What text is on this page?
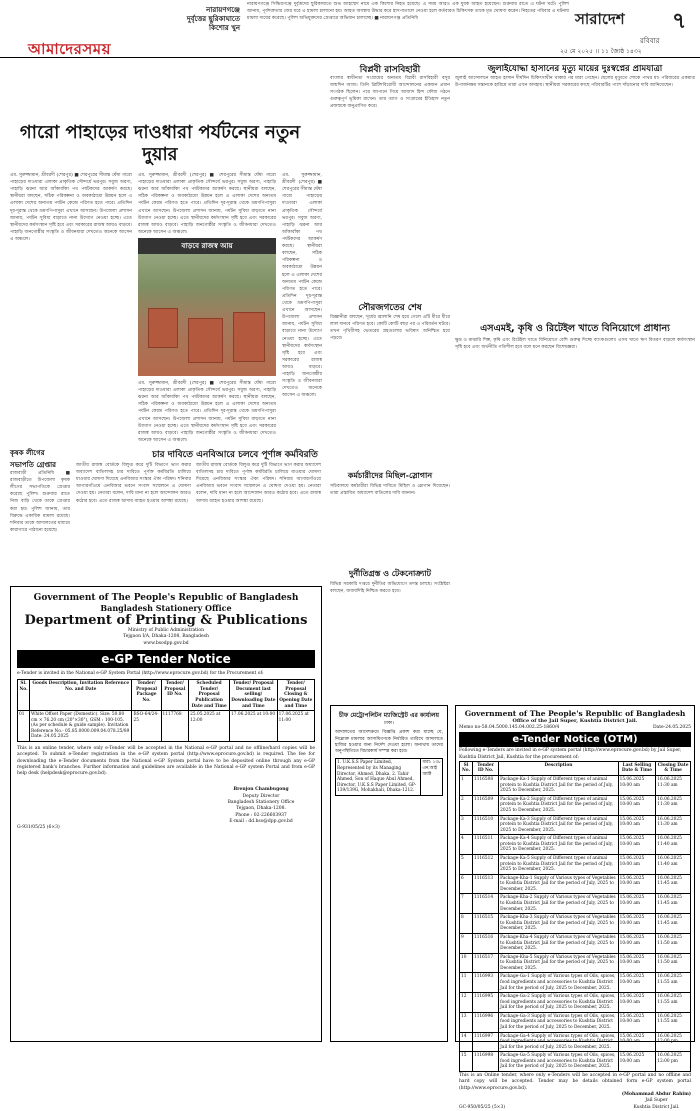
আমাদেরসময়
নারায়ণগঞ্জে দুর্বৃত্তের ছুরিকাঘাতে কিশোর খুন
নারায়ণগঞ্জে সিদ্ধিরগঞ্জে দুর্বৃত্তদের ছুরিকাঘাতে শুভ আহম্মেদ নামে এক কিশোর নিহত হয়েছে। এ সময় আরও এক যুবক আহত হয়েছেন। শুক্রবার রাতে এ ঘটনা ঘটে। পুলিশ জানায়, পূর্বশত্রুতার জের ধরে এ হামলা চালানো হয়। আহত অবস্থায় উদ্ধার করে হাসপাতালে নেওয়া হলে কর্তব্যরত চিকিৎসক তাকে মৃত ঘোষণা করেন। নিহতের পরিবার এ ঘটনায় মামলা দায়ের করেছে। পুলিশ অভিযুক্তদের গ্রেপ্তারে অভিযান চালাচ্ছে। ■ নারায়ণগঞ্জ প্রতিনিধি	সারাদেশ ৭
রবিবার
২৫ মে ২০২৫ ।। ১১ জ্যৈষ্ঠ ১৪৩২
গারো পাহাড়ের দাওধারা পর্যটনের নতুন দুয়ার
এম. সুরুজ্জামান, শ্রীবরদী (শেরপুর) ■ শেরপুরের সীমান্ত ঘেঁষা গারো পাহাড়ের দাওধারা এলাকা প্রাকৃতিক সৌন্দর্যে ভরপুর। সবুজ অরণ্য, পাহাড়ি ঝরনা আর আঁকাবাঁকা পথ পর্যটকদের আকর্ষণ করছে। স্থানীয়রা বলছেন, সঠিক পরিকল্পনা ও অবকাঠামো উন্নয়ন হলে এ এলাকা দেশের অন্যতম পর্যটন কেন্দ্রে পরিণত হতে পারে। প্রতিদিন দূর-দূরান্ত থেকে ভ্রমণপিপাসুরা এখানে আসছেন। উপজেলা প্রশাসন জানায়, পর্যটন সুবিধা বাড়াতে নানা উদ্যোগ নেওয়া হচ্ছে। এতে স্থানীয়দের কর্মসংস্থান সৃষ্টি হবে এবং সরকারের রাজস্ব আয়ও বাড়বে। পাহাড়ি জনগোষ্ঠীর সংস্কৃতি ও জীবনধারা দেখতেও অনেকে আসেন এ অঞ্চলে।
এম. সুরুজ্জামান, শ্রীবরদী (শেরপুর) ■ শেরপুরের সীমান্ত ঘেঁষা গারো পাহাড়ের দাওধারা এলাকা প্রাকৃতিক সৌন্দর্যে ভরপুর। সবুজ অরণ্য, পাহাড়ি ঝরনা আর আঁকাবাঁকা পথ পর্যটকদের আকর্ষণ করছে। স্থানীয়রা বলছেন, সঠিক পরিকল্পনা ও অবকাঠামো উন্নয়ন হলে এ এলাকা দেশের অন্যতম পর্যটন কেন্দ্রে পরিণত হতে পারে। প্রতিদিন দূর-দূরান্ত থেকে ভ্রমণপিপাসুরা এখানে আসছেন। উপজেলা প্রশাসন জানায়, পর্যটন সুবিধা বাড়াতে নানা উদ্যোগ নেওয়া হচ্ছে। এতে স্থানীয়দের কর্মসংস্থান সৃষ্টি হবে এবং সরকারের রাজস্ব আয়ও বাড়বে। পাহাড়ি জনগোষ্ঠীর সংস্কৃতি ও জীবনধারা দেখতেও অনেকে আসেন এ অঞ্চলে।
বাড়বে রাজস্ব আয়
এম. সুরুজ্জামান, শ্রীবরদী (শেরপুর) ■ শেরপুরের সীমান্ত ঘেঁষা গারো পাহাড়ের দাওধারা এলাকা প্রাকৃতিক সৌন্দর্যে ভরপুর। সবুজ অরণ্য, পাহাড়ি ঝরনা আর আঁকাবাঁকা পথ পর্যটকদের আকর্ষণ করছে। স্থানীয়রা বলছেন, সঠিক পরিকল্পনা ও অবকাঠামো উন্নয়ন হলে এ এলাকা দেশের অন্যতম পর্যটন কেন্দ্রে পরিণত হতে পারে। প্রতিদিন দূর-দূরান্ত থেকে ভ্রমণপিপাসুরা এখানে আসছেন। উপজেলা প্রশাসন জানায়, পর্যটন সুবিধা বাড়াতে নানা উদ্যোগ নেওয়া হচ্ছে। এতে স্থানীয়দের কর্মসংস্থান সৃষ্টি হবে এবং সরকারের রাজস্ব আয়ও বাড়বে। পাহাড়ি জনগোষ্ঠীর সংস্কৃতি ও জীবনধারা দেখতেও অনেকে আসেন এ অঞ্চলে।
এম. সুরুজ্জামান, শ্রীবরদী (শেরপুর) ■ শেরপুরের সীমান্ত ঘেঁষা গারো পাহাড়ের দাওধারা এলাকা প্রাকৃতিক সৌন্দর্যে ভরপুর। সবুজ অরণ্য, পাহাড়ি ঝরনা আর আঁকাবাঁকা পথ পর্যটকদের আকর্ষণ করছে। স্থানীয়রা বলছেন, সঠিক পরিকল্পনা ও অবকাঠামো উন্নয়ন হলে এ এলাকা দেশের অন্যতম পর্যটন কেন্দ্রে পরিণত হতে পারে। প্রতিদিন দূর-দূরান্ত থেকে ভ্রমণপিপাসুরা এখানে আসছেন। উপজেলা প্রশাসন জানায়, পর্যটন সুবিধা বাড়াতে নানা উদ্যোগ নেওয়া হচ্ছে। এতে স্থানীয়দের কর্মসংস্থান সৃষ্টি হবে এবং সরকারের রাজস্ব আয়ও বাড়বে। পাহাড়ি জনগোষ্ঠীর সংস্কৃতি ও জীবনধারা দেখতেও অনেকে আসেন এ অঞ্চলে।
চার দাবিতে এনবিআরে চলবে পূর্ণাঙ্গ কর্মবিরতি
জাতীয় রাজস্ব বোর্ডকে বিলুপ্ত করে দুটি বিভাগে ভাগ করার অধ্যাদেশ বাতিলসহ চার দাবিতে পূর্ণাঙ্গ কর্মবিরতি চালিয়ে যাওয়ার ঘোষণা দিয়েছে এনবিআর সংস্কার ঐক্য পরিষদ। শনিবার আগারগাঁওয়ে এনবিআর ভবনে সংবাদ সম্মেলনে এ ঘোষণা দেওয়া হয়। নেতারা বলেন, দাবি মানা না হলে আন্দোলন আরও কঠোর হবে। এতে রাজস্ব আদায় ব্যাহত হওয়ার আশঙ্কা রয়েছে।
জাতীয় রাজস্ব বোর্ডকে বিলুপ্ত করে দুটি বিভাগে ভাগ করার অধ্যাদেশ বাতিলসহ চার দাবিতে পূর্ণাঙ্গ কর্মবিরতি চালিয়ে যাওয়ার ঘোষণা দিয়েছে এনবিআর সংস্কার ঐক্য পরিষদ। শনিবার আগারগাঁওয়ে এনবিআর ভবনে সংবাদ সম্মেলনে এ ঘোষণা দেওয়া হয়। নেতারা বলেন, দাবি মানা না হলে আন্দোলন আরও কঠোর হবে। এতে রাজস্ব আদায় ব্যাহত হওয়ার আশঙ্কা রয়েছে।
কৃষক লীগের সভাপতি গ্রেপ্তার
রাজবাড়ী প্রতিনিধি ■ রাজবাড়ীতে উপজেলা কৃষক লীগের সভাপতিকে গ্রেপ্তার করেছে পুলিশ। শুক্রবার রাতে নিজ বাড়ি থেকে তাকে গ্রেপ্তার করা হয়। পুলিশ জানায়, তার বিরুদ্ধে একাধিক মামলা রয়েছে। শনিবার তাকে আদালতের মাধ্যমে কারাগারে পাঠানো হয়েছে।
বিপ্লবী রাসবিহারী
বাংলার স্বাধীনতা সংগ্রামের অন্যতম বিপ্লবী রাসবিহারী বসুর জন্মদিন আজ। তিনি ব্রিটিশবিরোধী আন্দোলনের একজন প্রধান সংগঠক ছিলেন। পরে জাপানে গিয়ে আজাদ হিন্দ ফৌজ গঠনে গুরুত্বপূর্ণ ভূমিকা রাখেন। তার ত্যাগ ও সংগ্রামের ইতিহাস নতুন প্রজন্মকে অনুপ্রাণিত করে।
সৌরজগতের শেষ
বিজ্ঞানীরা বলছেন, সূর্যের জ্বালানি শেষ হয়ে গেলে এটি ধীরে ধীরে লাল দানবে পরিণত হবে। কোটি কোটি বছর পর এ পরিবর্তন ঘটবে। তখন পৃথিবীসহ ভেতরের গ্রহগুলোর ভবিষ্যৎ অনিশ্চিত হয়ে পড়বে।
কর্মচারীদের মিছিল-স্লোগান
সচিবালয়ে কর্মচারীরা বিভিন্ন দাবিতে মিছিল ও স্লোগান দিয়েছেন। তারা প্রস্তাবিত অধ্যাদেশ বাতিলের দাবি জানান।
দুর্নীতিগ্রস্ত ও টেকনোক্র্যাট
বিভিন্ন সরকারি দপ্তরে দুর্নীতির অভিযোগে তদন্ত চলছে। সংশ্লিষ্টরা বলছেন, জবাবদিহি নিশ্চিত করতে হবে।
জুলাইযোদ্ধা হাসানের মৃত্যু মায়ের দুঃস্বপ্নের প্রামযাত্রা
জুলাই আন্দোলনে আহত হাসান দীর্ঘদিন চিকিৎসাধীন থাকার পর মারা গেছেন। ছেলের মৃত্যুতে শোকে পাথর মা। পরিবারের একমাত্র উপার্জনক্ষম সন্তানকে হারিয়ে তারা এখন অসহায়। স্থানীয়রা সরকারের কাছে পরিবারটির পাশে দাঁড়ানোর দাবি জানিয়েছেন।
এসএমই, কৃষি ও রিটেইল খাতে বিনিয়োগে প্রাধান্য
ক্ষুদ্র ও মাঝারি শিল্প, কৃষি এবং রিটেইল খাতে বিনিয়োগে বেশি গুরুত্ব দিচ্ছে ব্যাংকগুলো। এসব খাতে ঋণ বিতরণ বাড়লে কর্মসংস্থান সৃষ্টি হবে এবং অর্থনীতি গতিশীল হবে বলে মনে করছেন বিশেষজ্ঞরা।
Government of The People's Republic of Bangladesh
Bangladesh Stationery Office
Department of Printing & Publications
Ministry of Public Administration
Tejgaon I/A, Dhaka-1208, Bangladesh
www.bsodpp.gov.bd
e-GP Tender Notice
e-Tender is invited in the National e-GP System Portal (http://www.eprocure.gov.bd) for the Procurement of:
Sl. No.	Goods Description, Invitation Reference No. and Date	Tender/ Proposal Package No.	Tender/ Proposal ID No.	Scheduled Tender/ Proposal Publication Date and Time	Tender/ Proposal Document last selling/ Downloading Date and Time	Tender/ Proposal Closing & Opening Date and Time
01	White Offset Paper (Domestic). Size: 50.80 cm × 76.20 cm (20"×30"), GSM : 100-105. (As per schedule & guide sample). Invitation Reference No.- 05.85.0000.009.04.078.25/89 Date: 24.05.2025	BSO-64/24-25	1117768	25.05.2025 at 12:00	17.06.2025 at 10:00	17.06.2025 at 11:00
This is an online tender, where only e-Tender will be accepted in the National e-GP portal and no offline/hard copies will be accepted. To submit e-Tender registration in the e-GP system portal (http://www.eprocure.gov.bd) is required. The fee for downloading the e-Tender documents from the National e-GP System portal have to be deposited online through any e-GP registered bank's branches. Further information and guidelines are available in the National e-GP system Portal and from e-GP help desk (helpdesk@eprocure.gov.bd).
Brenjon Chambugong
Deputy Director
Bangladesh Stationery Office
Tejgaon, Dhaka-1208.
Phone : 02-226603937
E-mail : dd.bso@dpp.gov.bd
G-931/05/25 (6×3)
চীফ মেট্রোপলিটন ম্যাজিস্ট্রেট এর কার্যালয়
ঢাকা।
আদালতের আদেশক্রমে বিজ্ঞপ্তি প্রকাশ করা যাচ্ছে যে, নিম্নোক্ত মামলার আসামিগণকে নির্ধারিত তারিখে আদালতে হাজির হওয়ার জন্য নির্দেশ দেওয়া হলো। অন্যথায় তাদের অনুপস্থিতিতে বিচারকার্য সম্পন্ন করা হবে।
1. U.K.S.S Paper Limited, Represented by its Managing Director, Ahmed, Dhaka. 2. Tahir Ahmed, Son of Haque Abul Ahmed, Director, U.K.S.S Paper Limited, GP-139/139G, Mohakhali, Dhaka-1212.	ধারা: ১৩৮ এন.আই অ্যাক্ট
Government of The People's Republic of Bangladesh
Office of the Jail Super, Kushtia District Jail.
Memo no-58.04.5000.145.04.002.25-1860/4	Date-24.05.2025
e-Tender Notice (OTM)
Following e-Tenders are invited in e-GP system portal (http://www.eprocure.gov.bd) by Jail Super, Kushtia District Jail, Kushtia for the procurement of:
Sl No.	Tender ID No.	Description	Last Selling Date & Time	Closing Date & Time
1	1116508	Package-Ka-1 Supply of Different types of animal protein to Kushtia District Jail for the period of July, 2025 to December, 2025.	15.06.2025 10:00 am	16.06.2025 11:30 am
2	1116509	Package-Ka-2 Supply of Different types of animal protein to Kushtia District Jail for the period of July, 2025 to December, 2025.	15.06.2025 10:00 am	16.06.2025 11:30 am
3	1116510	Package-Ka-3 Supply of Different types of animal protein to Kushtia District Jail for the period of July, 2025 to December, 2025.	15.06.2025 10:00 am	16.06.2025 11:30 am
4	1116511	Package-Ka-4 Supply of Different types of animal protein to Kushtia District Jail for the period of July, 2025 to December, 2025.	15.06.2025 10:00 am	16.06.2025 11:40 am
5	1116512	Package-Ka-5 Supply of Different types of animal protein to Kushtia District Jail for the period of July, 2025 to December, 2025.	15.06.2025 10:00 am	16.06.2025 11:40 am
6	1116513	Package-Kha-1 Supply of Various types of Vegetables to Kushtia District Jail for the period of July, 2025 to December, 2025.	15.06.2025 10:00 am	16.06.2025 11:45 am
7	1116514	Package-Kha-2 Supply of Various types of Vegetables to Kushtia District Jail for the period of July, 2025 to December, 2025.	15.06.2025 10:00 am	16.06.2025 11:45 am
8	1116515	Package-Kha-3 Supply of Various types of Vegetables to Kushtia District Jail for the period of July, 2025 to December, 2025.	15.06.2025 10:00 am	16.06.2025 11:45 am
9	1116516	Package-Kha-4 Supply of Various types of Vegetables to Kushtia District Jail for the period of July, 2025 to December, 2025.	15.06.2025 10:00 am	16.06.2025 11:50 am
10	1116517	Package-Kha-5 Supply of Various types of Vegetables to Kushtia District Jail for the period of July, 2025 to December, 2025.	15.06.2025 10:00 am	16.06.2025 11:50 am
11	1116993	Package-Ga-1 Supply of Various types of Oils, spices, food ingredients and accessories to Kushtia District Jail for the period of July, 2025 to December, 2025.	15.06.2025 10:00 am	16.06.2025 11:55 am
12	1116995	Package-Ga-2 Supply of Various types of Oils, spices, food ingredients and accessories to Kushtia District Jail for the period of July, 2025 to December, 2025.	15.06.2025 10:00 am	16.06.2025 11:55 am
13	1116996	Package-Ga-3 Supply of Various types of Oils, spices, food ingredients and accessories to Kushtia District Jail for the period of July, 2025 to December, 2025.	15.06.2025 10:00 am	16.06.2025 11:55 am
14	1116997	Package-Ga-4 Supply of Various types of Oils, spices, food ingredients and accessories to Kushtia District Jail for the period of July, 2025 to December, 2025.	15.06.2025 10:00 am	16.06.2025 12:00 pm
15	1116998	Package-Ga-5 Supply of Various types of Oils, spices, food ingredients and accessories to Kushtia District Jail for the period of July, 2025 to December, 2025.	15.06.2025 10:00 am	16.06.2025 12:00 pm
This is an Online tender, where only e-Tenders will be accepted in e-GP portal and no offline and hard copy will be accepted. Tender may be details obtained form e-GP system portal (http://www.eprocure.gov.bd).
GC-950/05/25 (5×3)
(Mohammad Abdur Rahim)
Jail Super
Kushtia District Jail.
